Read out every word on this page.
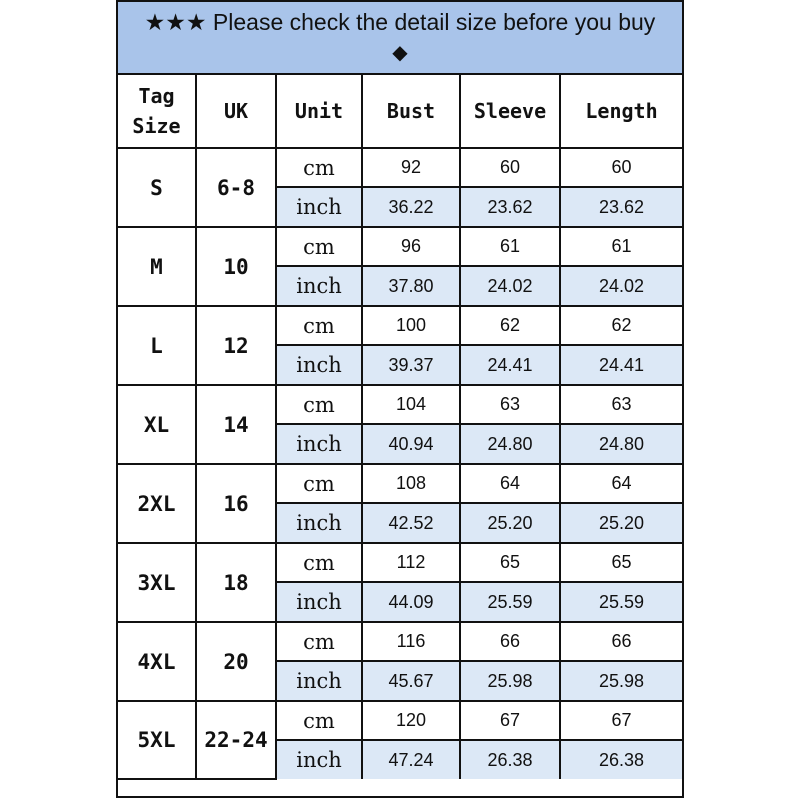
★★★ Please check the detail size before you buy
◆
Tag
Size	UK	Unit	Bust	Sleeve	Length
S	6-8	cm	92	60	60
		inch	36.22	23.62	23.62
M	10	cm	96	61	61
		inch	37.80	24.02	24.02
L	12	cm	100	62	62
		inch	39.37	24.41	24.41
XL	14	cm	104	63	63
		inch	40.94	24.80	24.80
2XL	16	cm	108	64	64
		inch	42.52	25.20	25.20
3XL	18	cm	112	65	65
		inch	44.09	25.59	25.59
4XL	20	cm	116	66	66
		inch	45.67	25.98	25.98
5XL	22-24	cm	120	67	67
		inch	47.24	26.38	26.38
